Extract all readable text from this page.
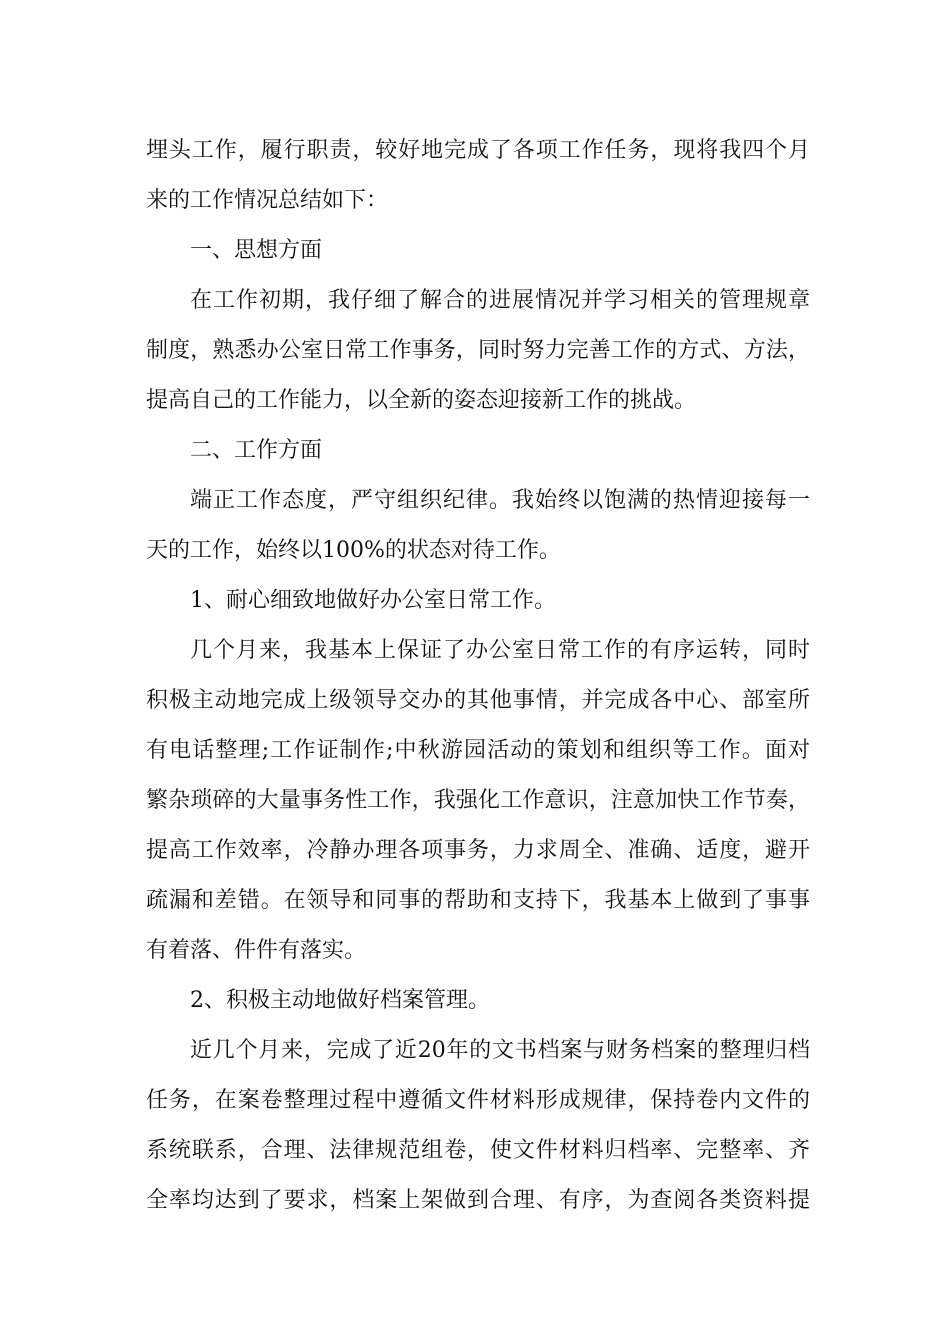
埋头工作，履行职责，较好地完成了各项工作任务，现将我四个月
来的工作情况总结如下：
一、思想方面
在工作初期，我仔细了解合的进展情况并学习相关的管理规章
制度，熟悉办公室日常工作事务，同时努力完善工作的方式、方法，
提高自己的工作能力，以全新的姿态迎接新工作的挑战。
二、工作方面
端正工作态度，严守组织纪律。我始终以饱满的热情迎接每一
天的工作，始终以100%的状态对待工作。
1、耐心细致地做好办公室日常工作。
几个月来，我基本上保证了办公室日常工作的有序运转，同时
积极主动地完成上级领导交办的其他事情，并完成各中心、部室所
有电话整理;工作证制作;中秋游园活动的策划和组织等工作。面对
繁杂琐碎的大量事务性工作，我强化工作意识，注意加快工作节奏，
提高工作效率，冷静办理各项事务，力求周全、准确、适度，避开
疏漏和差错。在领导和同事的帮助和支持下，我基本上做到了事事
有着落、件件有落实。
2、积极主动地做好档案管理。
近几个月来，完成了近20年的文书档案与财务档案的整理归档
任务，在案卷整理过程中遵循文件材料形成规律，保持卷内文件的
系统联系，合理、法律规范组卷，使文件材料归档率、完整率、齐
全率均达到了要求，档案上架做到合理、有序，为查阅各类资料提
